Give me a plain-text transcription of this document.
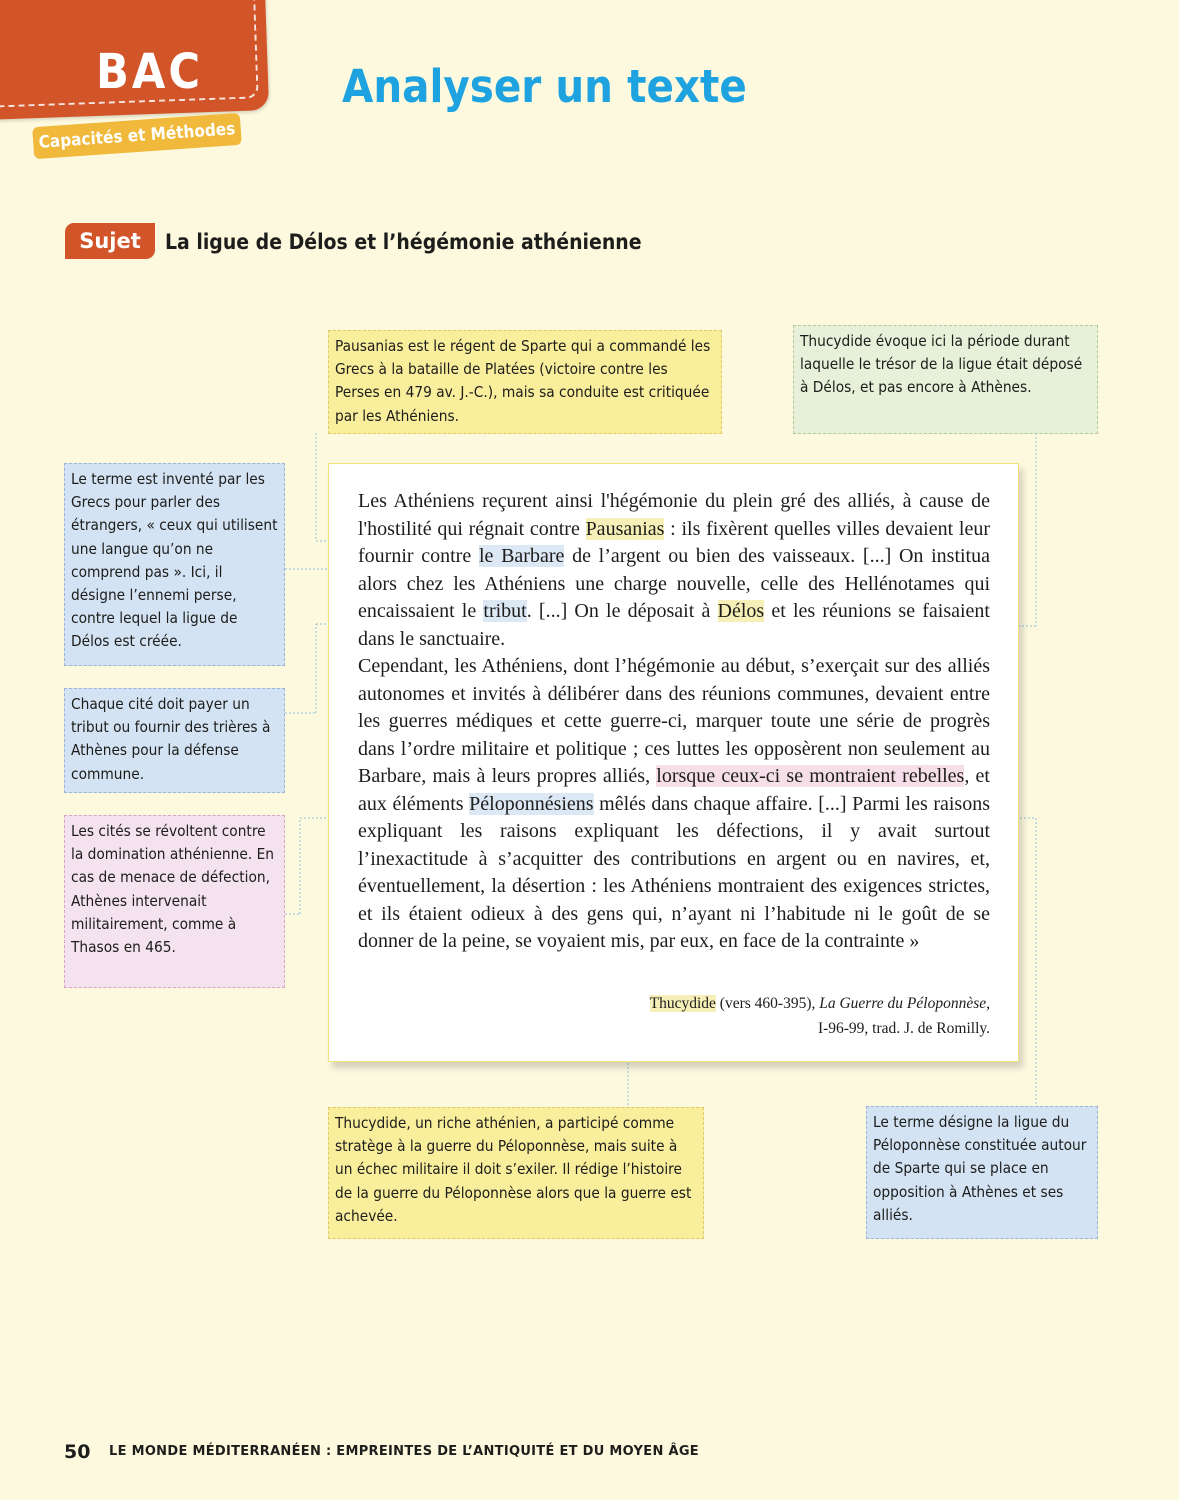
BAC
Capacités et Méthodes
Analyser un texte
Sujet	La ligue de Délos et l’hégémonie athénienne
Pausanias est le régent de Sparte qui a commandé les Grecs à la bataille de Platées (victoire contre les Perses en 479 av. J.-C.), mais sa conduite est critiquée par les Athéniens.
Thucydide évoque ici la période durant laquelle le trésor de la ligue était déposé à Délos, et pas encore à Athènes.
Le terme est inventé par les Grecs pour parler des étrangers, « ceux qui utilisent une langue qu’on ne comprend pas ». Ici, il désigne l’ennemi perse, contre lequel la ligue de Délos est créée.
Chaque cité doit payer un tribut ou fournir des trières à Athènes pour la défense commune.
Les cités se révoltent contre la domination athénienne. En cas de menace de défection, Athènes intervenait militairement, comme à Thasos en 465.
Thucydide, un riche athénien, a participé comme stratège à la guerre du Péloponnèse, mais suite à un échec militaire il doit s’exiler. Il rédige l’histoire de la guerre du Péloponnèse alors que la guerre est achevée.
Le terme désigne la ligue du Péloponnèse constituée autour de Sparte qui se place en opposition à Athènes et ses alliés.

Les Athéniens reçurent ainsi l'hégémonie du plein gré des alliés, à cause de l'hostilité qui régnait contre Pausanias : ils fixèrent quelles villes devaient leur fournir contre le Barbare de l’argent ou bien des vaisseaux. [...] On institua alors chez les Athéniens une charge nouvelle, celle des Hellénotames qui encaissaient le tribut. [...] On le déposait à Délos et les réunions se faisaient dans le sanctuaire.

Cependant, les Athéniens, dont l’hégémonie au début, s’exerçait sur des alliés autonomes et invités à délibérer dans des réunions communes, devaient entre les guerres médiques et cette guerre-ci, marquer toute une série de progrès dans l’ordre militaire et politique ; ces luttes les opposèrent non seulement au Barbare, mais à leurs propres alliés, lorsque ceux-ci se montraient rebelles, et aux éléments Péloponnésiens mêlés dans chaque affaire. [...] Parmi les raisons expliquant les raisons expliquant les défections, il y avait surtout l’inexactitude à s’acquitter des contributions en argent ou en navires, et, éventuellement, la désertion : les Athéniens montraient des exigences strictes, et ils étaient odieux à des gens qui, n’ayant ni l’habitude ni le goût de se donner de la peine, se voyaient mis, par eux, en face de la contrainte »

Thucydide (vers 460-395), La Guerre du Péloponnèse,
I-96-99, trad. J. de Romilly.

50 LE MONDE MÉDITERRANÉEN : EMPREINTES DE L’ANTIQUITÉ ET DU MOYEN ÂGE
